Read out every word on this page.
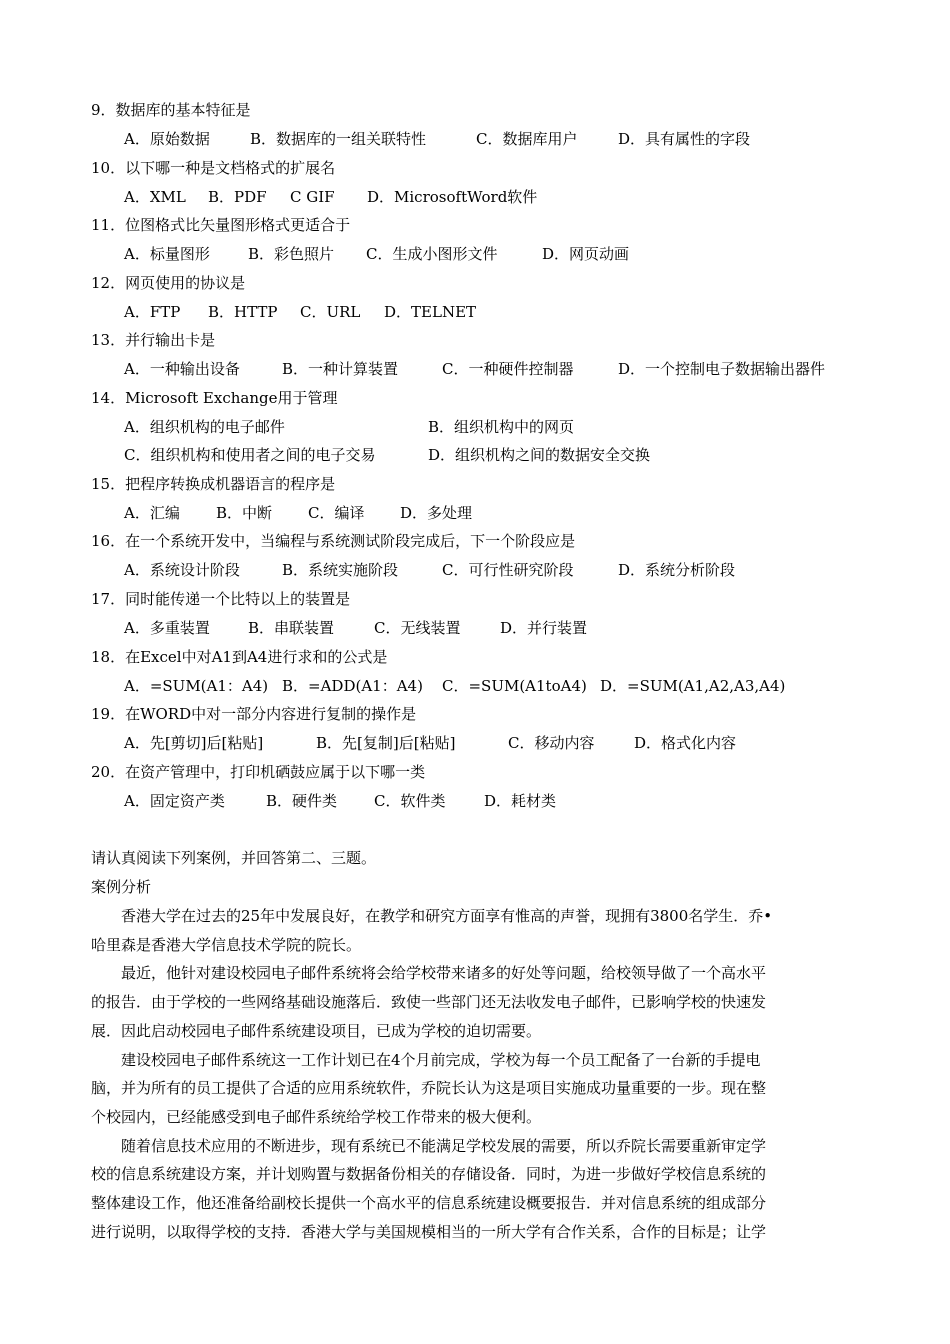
9．数据库的基本特征是
A．原始数据	B．数据库的一组关联特性	C．数据库用户	D．具有属性的字段
10．以下哪一种是文档格式的扩展名
A．XML B．PDF C GIF D．MicrosoftWord软件
11．位图格式比矢量图形格式更适合于
A．标量图形	B．彩色照片 C．生成小图形文件	D．网页动画
12．网页使用的协议是
A．FTP B．HTTP C．URL D．TELNET
13．并行输出卡是
A．一种输出设备	B．一种计算装置	C．一种硬件控制器	D．一个控制电子数据输出器件
14．Microsoft Exchange用于管理
A．组织机构的电子邮件	B．组织机构中的网页
C．组织机构和使用者之间的电子交易	D．组织机构之间的数据安全交换
15．把程序转换成机器语言的程序是
A．汇编 B．中断 C．编译 D．多处理
16．在一个系统开发中，当编程与系统测试阶段完成后，下一个阶段应是
A．系统设计阶段	B．系统实施阶段	C．可行性研究阶段	D．系统分析阶段
17．同时能传递一个比特以上的装置是
A．多重装置	B．串联装置	C．无线装置	D．并行装置
18．在Excel中对A1到A4进行求和的公式是
A．=SUM(A1：A4) B．=ADD(A1：A4) C．=SUM(A1toA4) D．=SUM(A1,A2,A3,A4)
19．在WORD中对一部分内容进行复制的操作是
A．先[剪切]后[粘贴]	B．先[复制]后[粘贴]	C．移动内容	D．格式化内容
20．在资产管理中，打印机硒鼓应属于以下哪一类
A．固定资产类	B．硬件类 C．软件类	D．耗材类
请认真阅读下列案例，并回答第二、三题。
案例分析
　　香港大学在过去的25年中发展良好，在教学和研究方面享有惟高的声誉，现拥有3800名学生．乔•
哈里森是香港大学信息技术学院的院长。
　　最近，他针对建设校园电子邮件系统将会给学校带来诸多的好处等问题，给校领导做了一个高水平
的报告．由于学校的一些网络基础设施落后．致使一些部门还无法收发电子邮件，已影响学校的快速发
展．因此启动校园电子邮件系统建设项目，已成为学校的迫切需要。
　　建设校园电子邮件系统这一工作计划已在4个月前完成，学校为每一个员工配备了一台新的手提电
脑，并为所有的员工提供了合适的应用系统软件，乔院长认为这是项目实施成功量重要的一步。现在整
个校园内，已经能感受到电子邮件系统给学校工作带来的极大便利。
　　随着信息技术应用的不断进步，现有系统已不能满足学校发展的需要，所以乔院长需要重新审定学
校的信息系统建设方案，并计划购置与数据备份相关的存储设备．同时，为进一步做好学校信息系统的
整体建设工作，他还准备给副校长提供一个高水平的信息系统建设概要报告．并对信息系统的组成部分
进行说明，以取得学校的支持．香港大学与美国规模相当的一所大学有合作关系，合作的目标是；让学
